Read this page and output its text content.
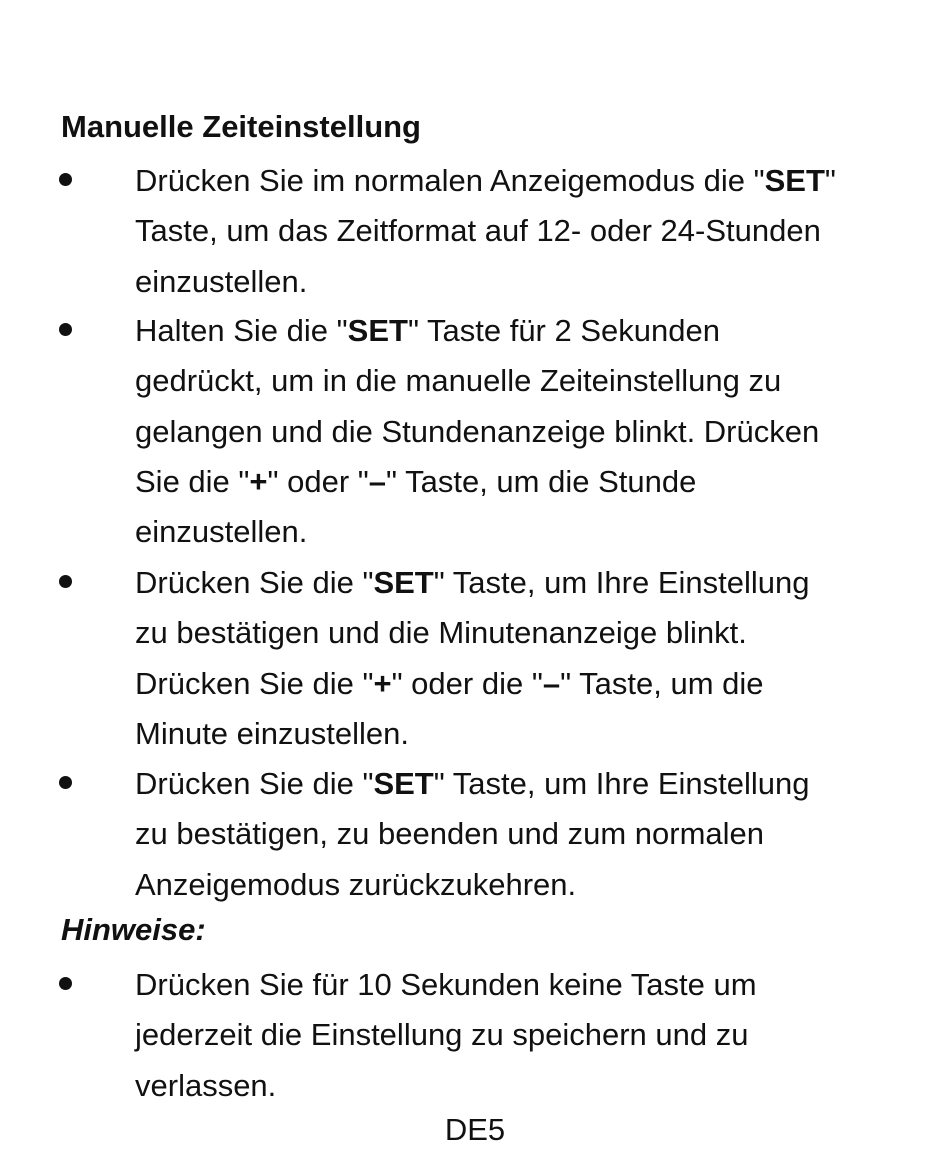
Manuelle Zeiteinstellung
Drücken Sie im normalen Anzeigemodus die "SET"
Taste, um das Zeitformat auf 12- oder 24-Stunden
einzustellen.
Halten Sie die "SET" Taste für 2 Sekunden
gedrückt, um in die manuelle Zeiteinstellung zu
gelangen und die Stundenanzeige blinkt. Drücken
Sie die "+" oder "–" Taste, um die Stunde
einzustellen.
Drücken Sie die "SET" Taste, um Ihre Einstellung
zu bestätigen und die Minutenanzeige blinkt.
Drücken Sie die "+" oder die "–" Taste, um die
Minute einzustellen.
Drücken Sie die "SET" Taste, um Ihre Einstellung
zu bestätigen, zu beenden und zum normalen
Anzeigemodus zurückzukehren.
Hinweise:
Drücken Sie für 10 Sekunden keine Taste um
jederzeit die Einstellung zu speichern und zu
verlassen.
DE5
